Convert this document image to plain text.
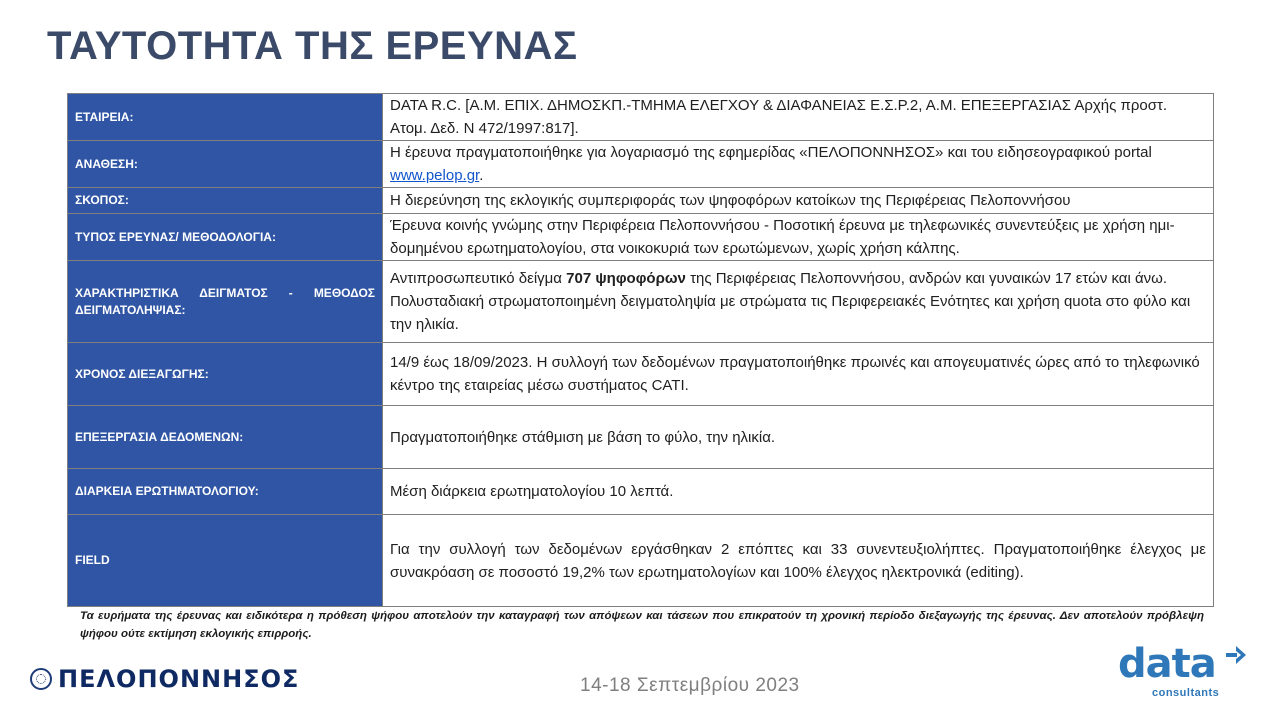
ΤΑΥΤΟΤΗΤΑ ΤΗΣ ΕΡΕΥΝΑΣ
ΕΤΑΙΡΕΙΑ:	DATA R.C. [Α.Μ. ΕΠΙΧ. ΔΗΜΟΣΚΠ.-ΤΜΗΜΑ ΕΛΕΓΧΟΥ & ΔΙΑΦΑΝΕΙΑΣ Ε.Σ.Ρ.2, Α.Μ. ΕΠΕΞΕΡΓΑΣΙΑΣ Αρχής προστ. Ατομ. Δεδ. Ν 472/1997:817].
ΑΝΑΘΕΣΗ:	Η έρευνα πραγματοποιήθηκε για λογαριασμό της εφημερίδας «ΠΕΛΟΠΟΝΝΗΣΟΣ» και του ειδησεογραφικού portal www.pelop.gr.
ΣΚΟΠΟΣ:	Η διερεύνηση της εκλογικής συμπεριφοράς των ψηφοφόρων κατοίκων της Περιφέρειας Πελοποννήσου
ΤΥΠΟΣ ΕΡΕΥΝΑΣ/ ΜΕΘΟΔΟΛΟΓΙΑ:	Έρευνα κοινής γνώμης στην Περιφέρεια Πελοποννήσου - Ποσοτική έρευνα με τηλεφωνικές συνεντεύξεις με χρήση ημι- δομημένου ερωτηματολογίου, στα νοικοκυριά των ερωτώμενων, χωρίς χρήση κάλπης.
ΧΑΡΑΚΤΗΡΙΣΤΙΚΑ ΔΕΙΓΜΑΤΟΣ - ΜΕΘΟΔΟΣ ΔΕΙΓΜΑΤΟΛΗΨΙΑΣ:	Αντιπροσωπευτικό δείγμα 707 ψηφοφόρων της Περιφέρειας Πελοποννήσου, ανδρών και γυναικών 17 ετών και άνω. Πολυσταδιακή στρωματοποιημένη δειγματοληψία με στρώματα τις Περιφερειακές Ενότητες και χρήση quota στο φύλο και την ηλικία.
ΧΡΟΝΟΣ ΔΙΕΞΑΓΩΓΗΣ:	14/9 έως 18/09/2023. Η συλλογή των δεδομένων πραγματοποιήθηκε πρωινές και απογευματινές ώρες από το τηλεφωνικό κέντρο της εταιρείας μέσω συστήματος CATI.
ΕΠΕΞΕΡΓΑΣΙΑ ΔΕΔΟΜΕΝΩΝ:	Πραγματοποιήθηκε στάθμιση με βάση το φύλο, την ηλικία.
ΔΙΑΡΚΕΙΑ ΕΡΩΤΗΜΑΤΟΛΟΓΙΟΥ:	Μέση διάρκεια ερωτηματολογίου 10 λεπτά.
FIELD	Για την συλλογή των δεδομένων εργάσθηκαν 2 επόπτες και 33 συνεντευξιολήπτες. Πραγματοποιήθηκε έλεγχος με συνακρόαση σε ποσοστό 19,2% των ερωτηματολογίων και 100% έλεγχος ηλεκτρονικά (editing).
Τα ευρήματα της έρευνας και ειδικότερα η πρόθεση ψήφου αποτελούν την καταγραφή των απόψεων και τάσεων που επικρατούν τη χρονική περίοδο διεξαγωγής της έρευνας. Δεν αποτελούν πρόβλεψη ψήφου ούτε εκτίμηση εκλογικής επιρροής.
ΠΕΛΟΠΟΝΝΗΣΟΣ	14-18 Σεπτεμβρίου 2023	data
consultants
